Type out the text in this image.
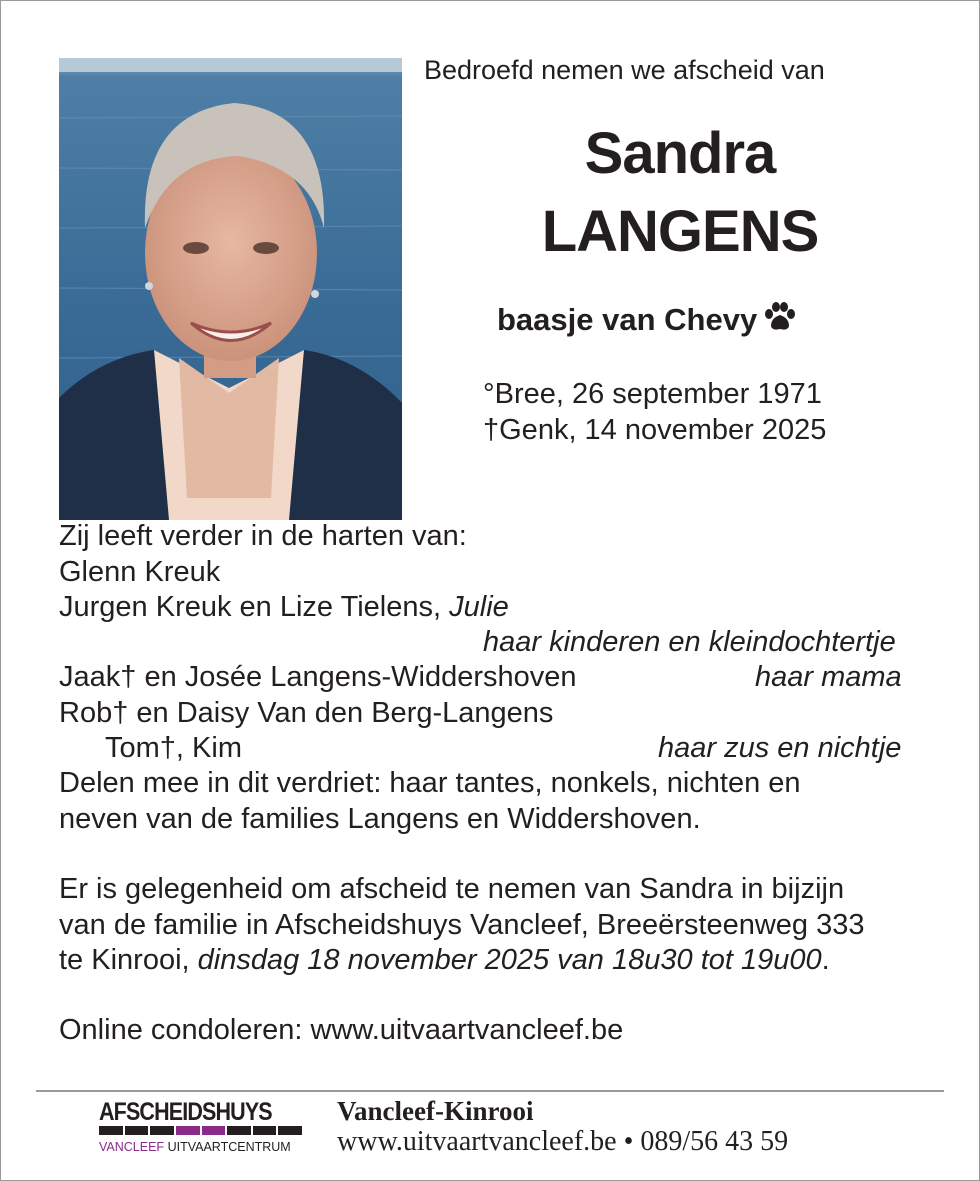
Bedroefd nemen we afscheid van
Sandra
LANGENS
baasje van Chevy
°Bree, 26 september 1971
†Genk, 14 november 2025
Zij leeft verder in de harten van:
Glenn Kreuk
Jurgen Kreuk en Lize Tielens, Julie
haar kinderen en kleindochtertje
Jaak† en Josée Langens-Widdershoven	haar mama
Rob† en Daisy Van den Berg-Langens
Tom†, Kim	haar zus en nichtje
Delen mee in dit verdriet: haar tantes, nonkels, nichten en
neven van de families Langens en Widdershoven.
Er is gelegenheid om afscheid te nemen van Sandra in bijzijn
van de familie in Afscheidshuys Vancleef, Breeërsteenweg 333
te Kinrooi, dinsdag 18 november 2025 van 18u30 tot 19u00.
Online condoleren: www.uitvaartvancleef.be
AFSCHEIDSHUYS
VANCLEEF UITVAARTCENTRUM
Vancleef-Kinrooi
www.uitvaartvancleef.be • 089/56 43 59
